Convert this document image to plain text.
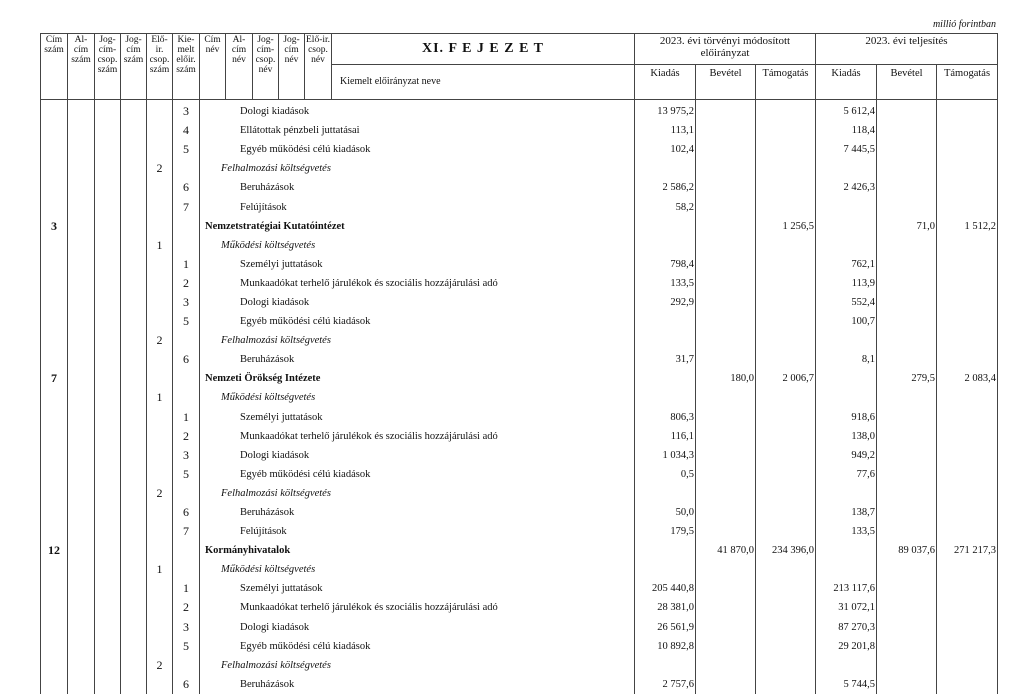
millió forintban
Cím szám	Al-cím szám	Jog-cím-csop. szám	Jog-cím szám	Elő-ir. csop. szám	Kie-melt előir. szám	Cím név	Al-cím név	Jog-cím-csop. név	Jog-cím név	Elő-ir. csop. név	XI. F E J E Z E T	2023. évi törvényi módosított előirányzat			2023. évi teljesítés		
											Kiemelt előirányzat neve	Kiadás	Bevétel	Támogatás	Kiadás	Bevétel	Támogatás

					3	Dologi kiadások						13 975,2			5 612,4		
					4	Ellátottak pénzbeli juttatásai						113,1			118,4		
					5	Egyéb működési célú kiadások						102,4			7 445,5		
				2		Felhalmozási költségvetés											
					6	Beruházások						2 586,2			2 426,3		
					7	Felújítások						58,2					
3						Nemzetstratégiai Kutatóintézet								1 256,5		71,0	1 512,2
				1		Működési költségvetés											
					1	Személyi juttatások						798,4			762,1		
					2	Munkaadókat terhelő járulékok és szociális hozzájárulási adó						133,5			113,9		
					3	Dologi kiadások						292,9			552,4		
					5	Egyéb működési célú kiadások									100,7		
				2		Felhalmozási költségvetés											
					6	Beruházások						31,7			8,1		
7						Nemzeti Örökség Intézete							180,0	2 006,7		279,5	2 083,4
				1		Működési költségvetés											
					1	Személyi juttatások						806,3			918,6		
					2	Munkaadókat terhelő járulékok és szociális hozzájárulási adó						116,1			138,0		
					3	Dologi kiadások						1 034,3			949,2		
					5	Egyéb működési célú kiadások						0,5			77,6		
				2		Felhalmozási költségvetés											
					6	Beruházások						50,0			138,7		
					7	Felújítások						179,5			133,5		
12						Kormányhivatalok							41 870,0	234 396,0		89 037,6	271 217,3
				1		Működési költségvetés											
					1	Személyi juttatások						205 440,8			213 117,6		
					2	Munkaadókat terhelő járulékok és szociális hozzájárulási adó						28 381,0			31 072,1		
					3	Dologi kiadások						26 561,9			87 270,3		
					5	Egyéb működési célú kiadások						10 892,8			29 201,8		
				2		Felhalmozási költségvetés											
					6	Beruházások						2 757,6			5 744,5		
